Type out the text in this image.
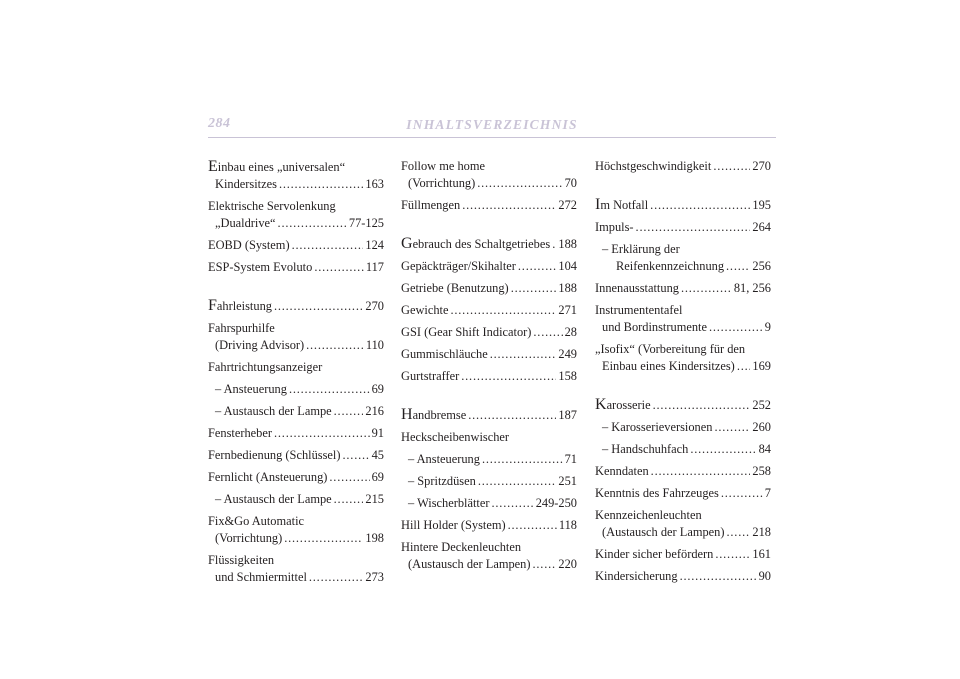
284	INHALTSVERZEICHNIS
Einbau eines „universalen“
Kindersitzes .....	163
Elektrische Servolenkung
„Dualdrive“ .....	77-125
EOBD (System) .....	124
ESP-System Evoluto .....	117
Fahrleistung .....	270
Fahrspurhilfe
(Driving Advisor) .....	110
Fahrtrichtungsanzeiger
– Ansteuerung .....	69
– Austausch der Lampe .....	216
Fensterheber .....	91
Fernbedienung (Schlüssel) .....	45
Fernlicht (Ansteuerung) .....	69
– Austausch der Lampe .....	215
Fix&Go Automatic
(Vorrichtung) .....	198
Flüssigkeiten
und Schmiermittel .....	273
Follow me home
(Vorrichtung) .....	70
Füllmengen .....	272
Gebrauch des Schaltgetriebes ..... 188
Gepäckträger/Skihalter .....	104
Getriebe (Benutzung) .....	188
Gewichte .....	271
GSI (Gear Shift Indicator) .....	28
Gummischläuche .....	249
Gurtstraffer .....	158
Handbremse .....	187
Heckscheibenwischer
– Ansteuerung .....	71
– Spritzdüsen .....	251
– Wischerblätter .....	249-250
Hill Holder (System) .....	118
Hintere Deckenleuchten
(Austausch der Lampen) ..... 220
Höchstgeschwindigkeit .....	270
Im Notfall .....	195
Impuls- .....	264
– Erklärung der
Reifenkennzeichnung ..... 256
Innenausstattung .....	81, 256
Instrumententafel
und Bordinstrumente .....	9
„Isofix“ (Vorbereitung für den
Einbau eines Kindersitzes) ..... 169
Karosserie .....	252
– Karosserieversionen .....	260
– Handschuhfach .....	84
Kenndaten .....	258
Kenntnis des Fahrzeuges .....	7
Kennzeichenleuchten
(Austausch der Lampen) ..... 218
Kinder sicher befördern .....	161
Kindersicherung .....	90
